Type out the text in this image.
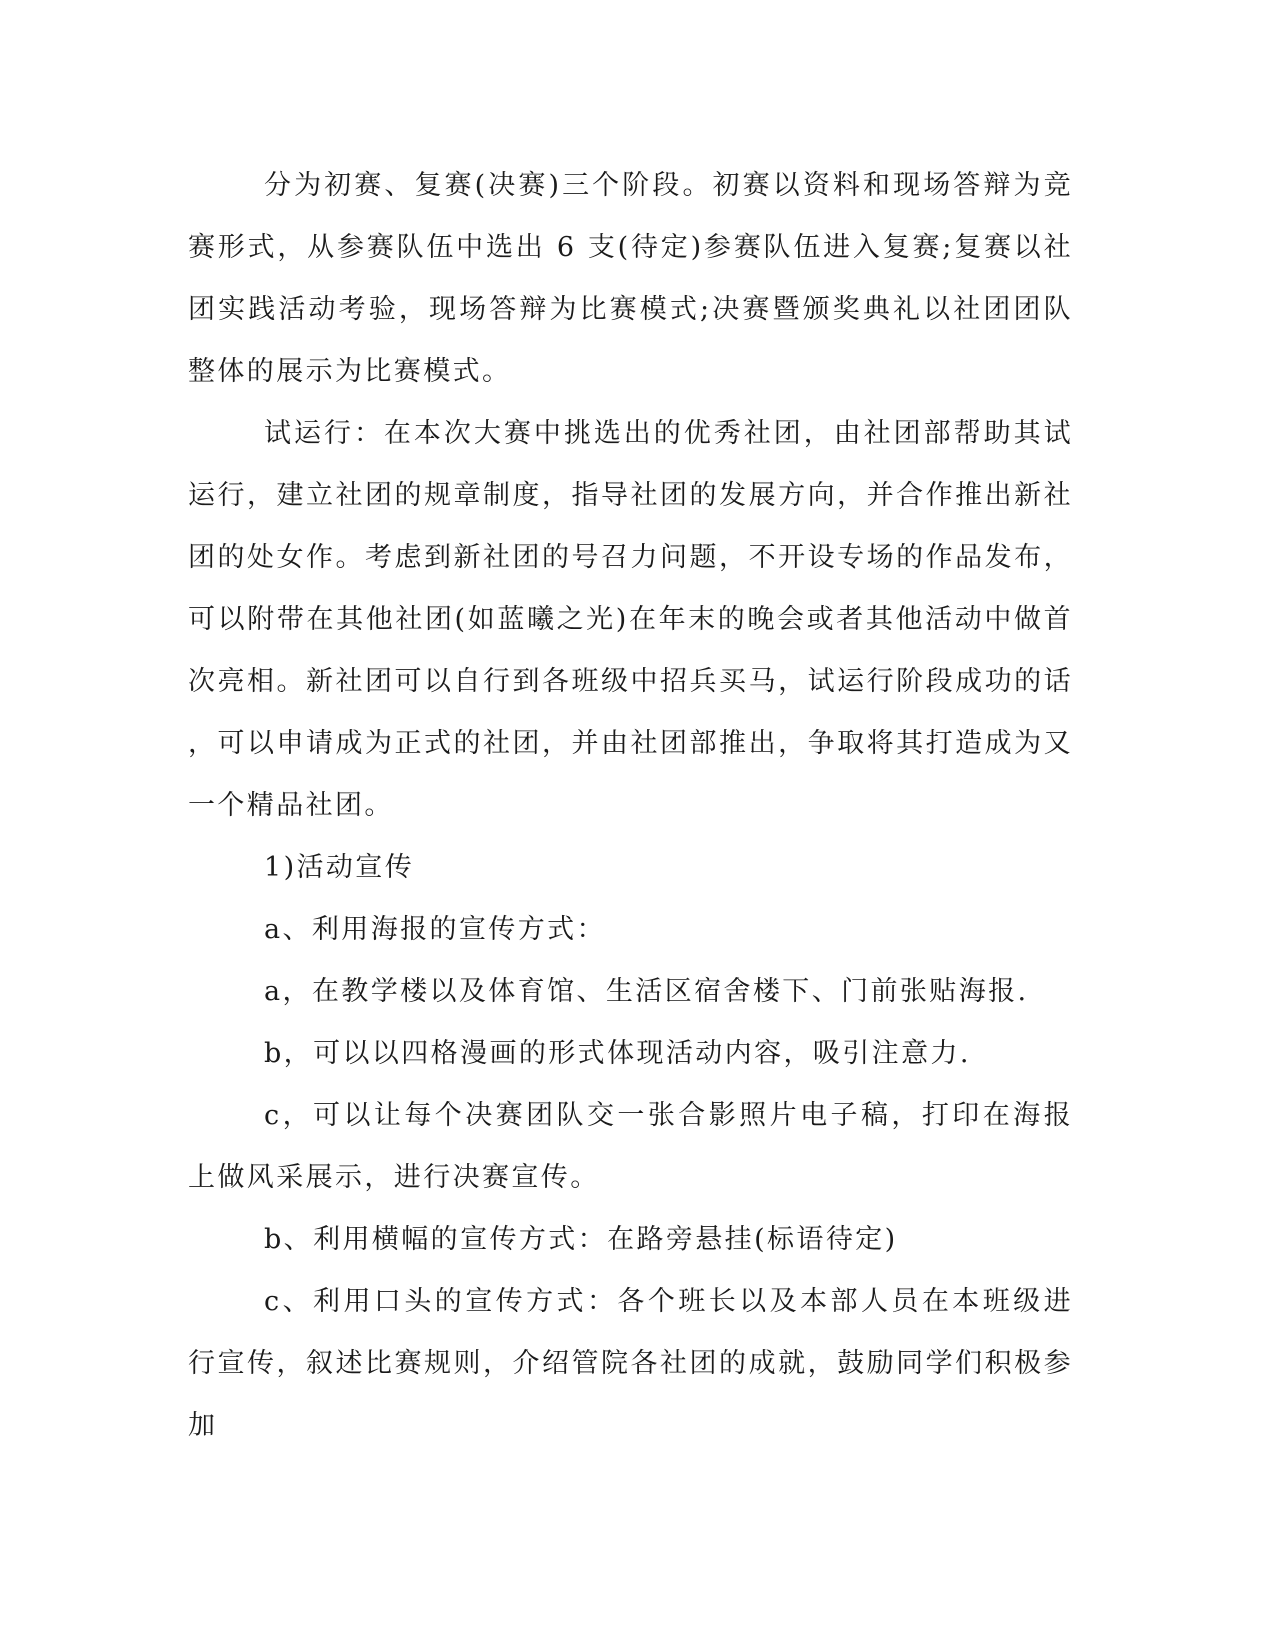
分为初赛、复赛(决赛)三个阶段。初赛以资料和现场答辩为竞赛形式，从参赛队伍中选出 6 支(待定)参赛队伍进入复赛;复赛以社团实践活动考验，现场答辩为比赛模式;决赛暨颁奖典礼以社团团队整体的展示为比赛模式。

试运行：在本次大赛中挑选出的优秀社团，由社团部帮助其试运行，建立社团的规章制度，指导社团的发展方向，并合作推出新社团的处女作。考虑到新社团的号召力问题，不开设专场的作品发布，可以附带在其他社团(如蓝曦之光)在年末的晚会或者其他活动中做首次亮相。新社团可以自行到各班级中招兵买马，试运行阶段成功的话，可以申请成为正式的社团，并由社团部推出，争取将其打造成为又一个精品社团。

1)活动宣传

a、利用海报的宣传方式：

a，在教学楼以及体育馆、生活区宿舍楼下、门前张贴海报.

b，可以以四格漫画的形式体现活动内容，吸引注意力.

c，可以让每个决赛团队交一张合影照片电子稿，打印在海报上做风采展示，进行决赛宣传。

b、利用横幅的宣传方式：在路旁悬挂(标语待定)

c、利用口头的宣传方式：各个班长以及本部人员在本班级进行宣传，叙述比赛规则，介绍管院各社团的成就，鼓励同学们积极参加
